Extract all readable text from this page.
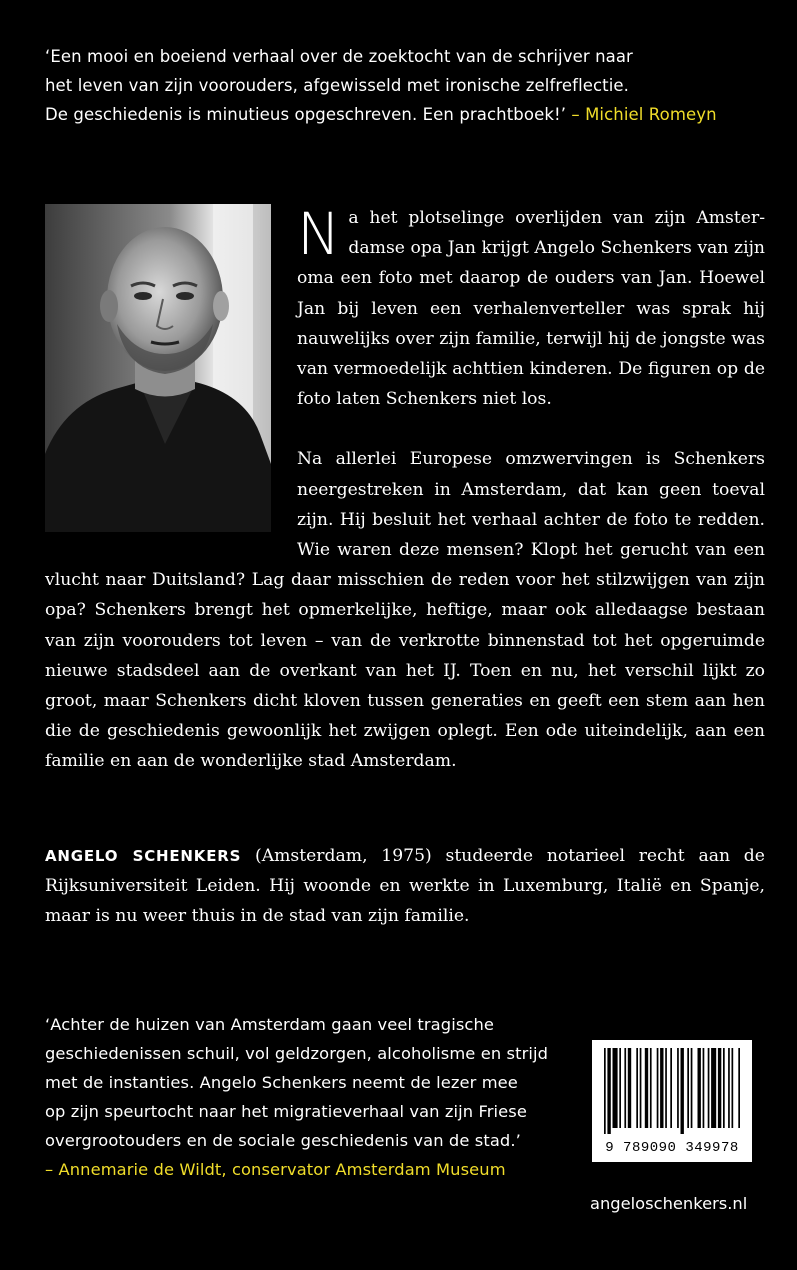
‘Een mooi en boeiend verhaal over de zoektocht van de schrijver naar
het leven van zijn voorouders, afgewisseld met ironische zelfreflectie.
De geschiedenis is minutieus opgeschreven. Een prachtboek!’ – Michiel Romeyn

Na het plotselinge overlijden van zijn Amsterdamse opa Jan krijgt Angelo Schenkers van zijn oma een foto met daarop de ouders van Jan. Hoewel Jan bij leven een verhalenverteller was sprak hij nauwelijks over zijn familie, terwijl hij de jongste was van vermoedelijk achttien kinderen. De figuren op de foto laten Schenkers niet los.

Na allerlei Europese omzwervingen is Schenkers neergestreken in Amsterdam, dat kan geen toeval zijn. Hij besluit het verhaal achter de foto te redden. Wie waren deze mensen? Klopt het gerucht van een vlucht naar Duitsland? Lag daar misschien de reden voor het stilzwijgen van zijn opa? Schenkers brengt het opmerkelijke, heftige, maar ook alledaagse bestaan van zijn voorouders tot leven – van de verkrotte binnenstad tot het opgeruimde nieuwe stadsdeel aan de overkant van het IJ. Toen en nu, het verschil lijkt zo groot, maar Schenkers dicht kloven tussen generaties en geeft een stem aan hen die de geschiedenis gewoonlijk het zwijgen oplegt. Een ode uiteindelijk, aan een familie en aan de wonderlijke stad Amsterdam.

ANGELO SCHENKERS (Amsterdam, 1975) studeerde notarieel recht aan de Rijksuniversiteit Leiden. Hij woonde en werkte in Luxemburg, Italië en Spanje, maar is nu weer thuis in de stad van zijn familie.

‘Achter de huizen van Amsterdam gaan veel tragische
geschiedenissen schuil, vol geldzorgen, alcoholisme en strijd
met de instanties. Angelo Schenkers neemt de lezer mee
op zijn speurtocht naar het migratieverhaal van zijn Friese
overgrootouders en de sociale geschiedenis van de stad.’
– Annemarie de Wildt, conservator Amsterdam Museum
9 789090 349978
angeloschenkers.nl
